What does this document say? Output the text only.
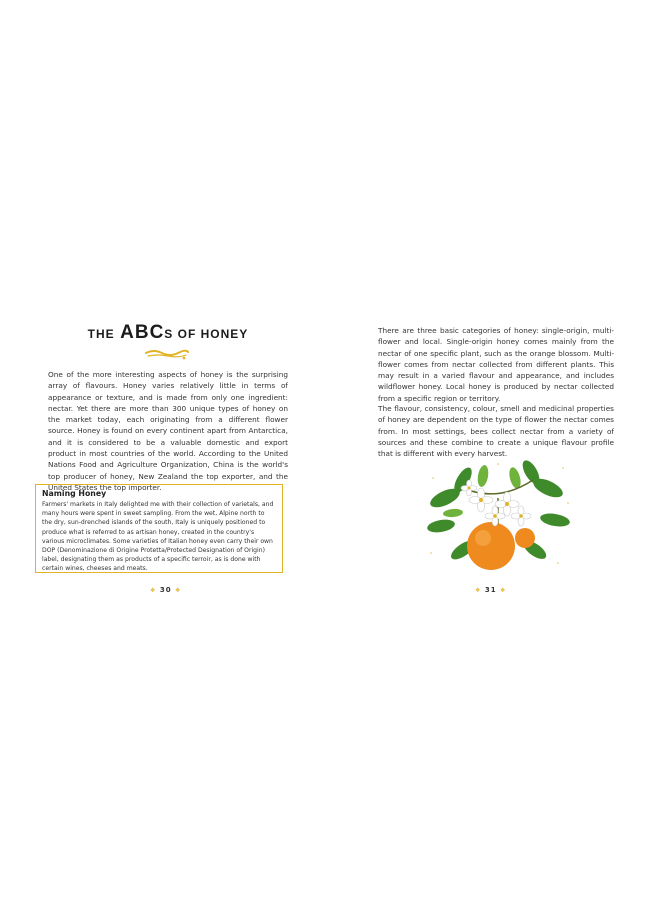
THE ABCS OF HONEY

One of the more interesting aspects of honey is the surprising array of flavours. Honey varies relatively little in terms of appearance or texture, and is made from only one ingredient: nectar. Yet there are more than 300 unique types of honey on the market today, each originating from a different flower source. Honey is found on every continent apart from Antarctica, and it is considered to be a valuable domestic and export product in most countries of the world. According to the United Nations Food and Agriculture Organization, China is the world's top producer of honey, New Zealand the top exporter, and the United States the top importer.

Naming Honey

Farmers' markets in Italy delighted me with their collection of varietals, and many hours were spent in sweet sampling. From the wet, Alpine north to the dry, sun-drenched islands of the south, Italy is uniquely positioned to produce what is referred to as artisan honey, created in the country's various microclimates. Some varieties of Italian honey even carry their own DOP (Denominazione di Origine Protetta/Protected Designation of Origin) label, designating them as products of a specific terroir, as is done with certain wines, cheeses and meats.

❖ 30 ❖

There are three basic categories of honey: single-origin, multi-flower and local. Single-origin honey comes mainly from the nectar of one specific plant, such as the orange blossom. Multi-flower comes from nectar collected from different plants. This may result in a varied flavour and appearance, and includes wildflower honey. Local honey is produced by nectar collected from a specific region or territory.

The flavour, consistency, colour, smell and medicinal properties of honey are dependent on the type of flower the nectar comes from. In most settings, bees collect nectar from a variety of sources and these combine to create a unique flavour profile that is different with every harvest.

❖ 31 ❖
